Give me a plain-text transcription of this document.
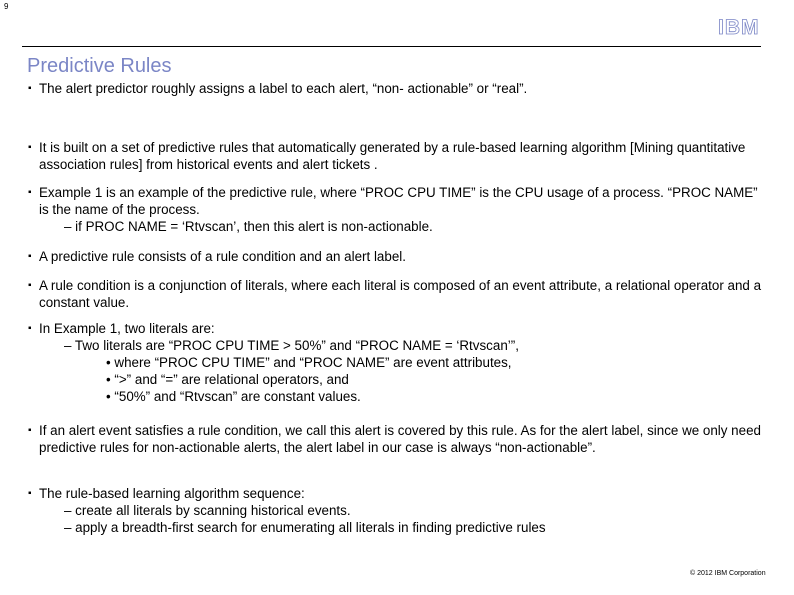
9
IBM
Predictive Rules
▪ The alert predictor roughly assigns a label to each alert, “non- actionable” or “real”.
▪ It is built on a set of predictive rules that automatically generated by a rule-based learning algorithm [Mining quantitative association rules] from historical events and alert tickets .
▪ Example 1 is an example of the predictive rule, where “PROC CPU TIME” is the CPU usage of a process. “PROC NAME” is the name of the process.
– if PROC NAME = ‘Rtvscan’, then this alert is non-actionable.
▪ A predictive rule consists of a rule condition and an alert label.
▪ A rule condition is a conjunction of literals, where each literal is composed of an event attribute, a relational operator and a constant value.
▪ In Example 1, two literals are:
– Two literals are “PROC CPU TIME > 50%” and “PROC NAME = ‘Rtvscan’”,
• where “PROC CPU TIME” and “PROC NAME” are event attributes,
• “>” and “=” are relational operators, and
• “50%” and “Rtvscan” are constant values.
▪ If an alert event satisfies a rule condition, we call this alert is covered by this rule. As for the alert label, since we only need predictive rules for non-actionable alerts, the alert label in our case is always “non-actionable”.
▪ The rule-based learning algorithm sequence:
– create all literals by scanning historical events.
– apply a breadth-first search for enumerating all literals in finding predictive rules
© 2012 IBM Corporation
